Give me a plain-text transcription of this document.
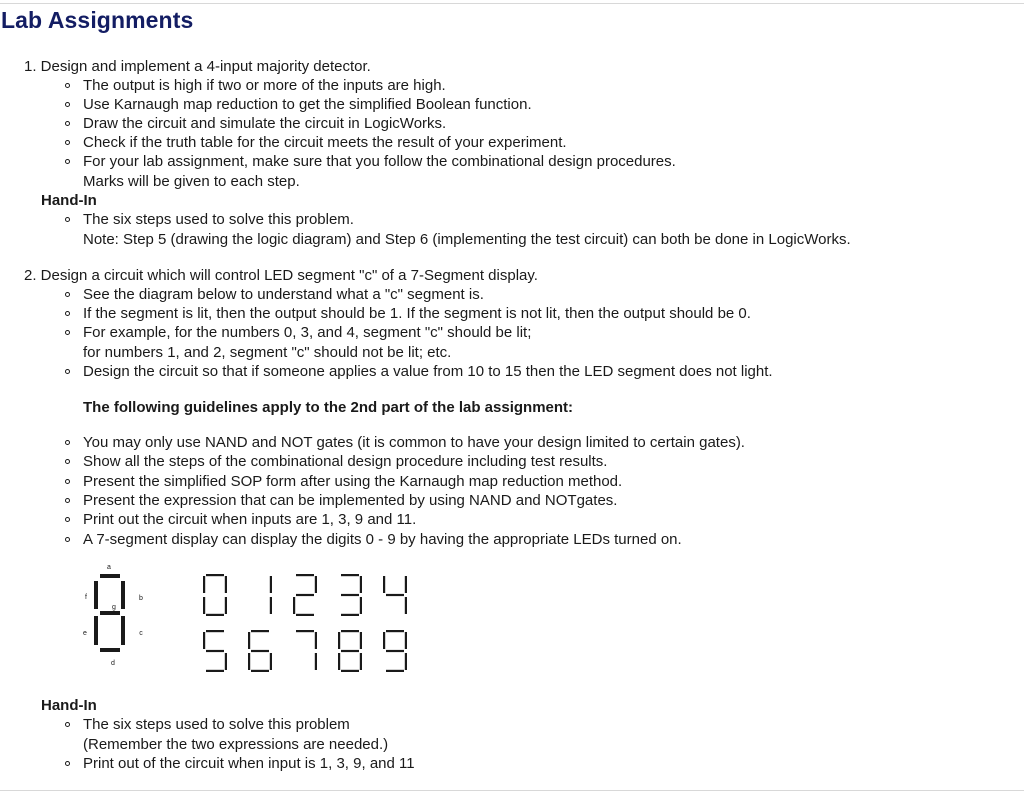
Lab Assignments
1. Design and implement a 4-input majority detector.
The output is high if two or more of the inputs are high.
Use Karnaugh map reduction to get the simplified Boolean function.
Draw the circuit and simulate the circuit in LogicWorks.
Check if the truth table for the circuit meets the result of your experiment.
For your lab assignment, make sure that you follow the combinational design procedures.
Marks will be given to each step.
Hand-In
The six steps used to solve this problem.
Note: Step 5 (drawing the logic diagram) and Step 6 (implementing the test circuit) can both be done in LogicWorks.
2. Design a circuit which will control LED segment "c" of a 7-Segment display.
See the diagram below to understand what a "c" segment is.
If the segment is lit, then the output should be 1. If the segment is not lit, then the output should be 0.
For example, for the numbers 0, 3, and 4, segment "c" should be lit;
for numbers 1, and 2, segment "c" should not be lit; etc.
Design the circuit so that if someone applies a value from 10 to 15 then the LED segment does not light.
The following guidelines apply to the 2nd part of the lab assignment:
You may only use NAND and NOT gates (it is common to have your design limited to certain gates).
Show all the steps of the combinational design procedure including test results.
Present the simplified SOP form after using the Karnaugh map reduction method.
Present the expression that can be implemented by using NAND and NOTgates.
Print out the circuit when inputs are 1, 3, 9 and 11.
A 7-segment display can display the digits 0 - 9 by having the appropriate LEDs turned on.
a
b
c
d
e
f
g
Hand-In
The six steps used to solve this problem
(Remember the two expressions are needed.)
Print out of the circuit when input is 1, 3, 9, and 11
